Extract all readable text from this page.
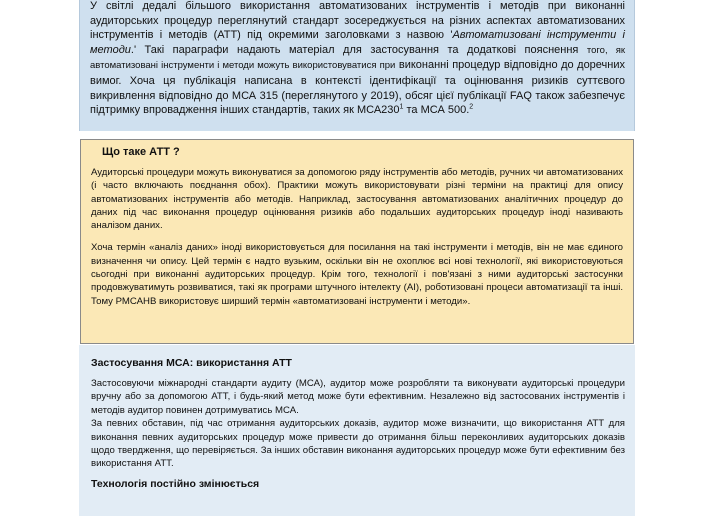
У світлі дедалі більшого використання автоматизованих інструментів і методів при виконанні аудиторських процедур переглянутий стандарт зосереджується на різних аспектах автоматизованих інструментів і методів (АТТ) під окремими заголовками з назвою 'Автоматизовані інструменти і методи.' Такі параграфи надають матеріал для застосування та додаткові пояснення того, як автоматизовані інструменти і методи можуть використовуватися при виконанні процедур відповідно до доречних вимог. Хоча ця публікація написана в контексті ідентифікації та оцінювання ризиків суттєвого викривлення відповідно до МСА 315 (переглянутого у 2019), обсяг цієї публікації FAQ також забезпечує підтримку впровадження інших стандартів, таких як $МСА230^1$ та МСА 500.$^2$

Що таке АТТ ?

Аудиторські процедури можуть виконуватися за допомогою ряду інструментів або методів, ручних чи автоматизованих (і часто включають поєднання обох). Практики можуть використовувати різні терміни на практиці для опису автоматизованих інструментів або методів. Наприклад, застосування автоматизованих аналітичних процедур до даних під час виконання процедур оцінювання ризиків або подальших аудиторських процедур іноді називають аналізом даних.

Хоча термін «аналіз даних» іноді використовується для посилання на такі інструменти і методів, він не має єдиного визначення чи опису. Цей термін є надто вузьким, оскільки він не охоплює всі нові технології, які використовуються сьогодні при виконанні аудиторських процедур. Крім того, технології і пов'язані з ними аудиторські застосунки продовжуватимуть розвиватися, такі як програми штучного інтелекту (AI), роботизовані процеси автоматизації та інші. Тому РМСАНВ використовує ширший термін «автоматизовані інструменти і методи».

Застосування МСА: використання АТТ

Застосовуючи міжнародні стандарти аудиту (МСА), аудитор може розробляти та виконувати аудиторські процедури вручну або за допомогою АТТ, і будь-який метод може бути ефективним. Незалежно від застосованих інструментів і методів аудитор повинен дотримуватись МСА.

За певних обставин, під час отримання аудиторських доказів, аудитор може визначити, що використання АТТ для виконання певних аудиторських процедур може привести до отримання більш переконливих аудиторських доказів щодо твердження, що перевіряється. За інших обставин виконання аудиторських процедур може бути ефективним без використання АТТ.

Технологія постійно змінюється
